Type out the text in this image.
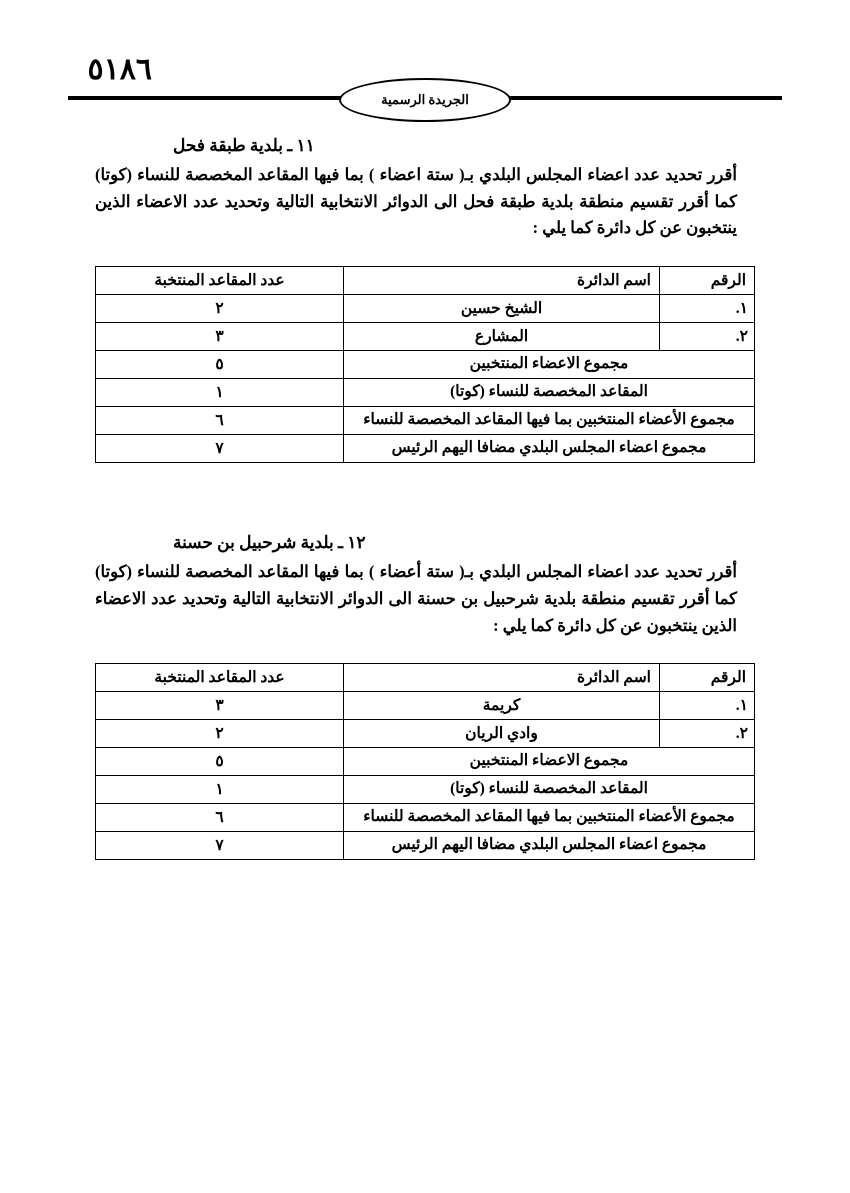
٥١٨٦
الجريدة الرسمية
١١ ـ بلدية طبقة فحل

أقرر تحديد عدد اعضاء المجلس البلدي بـ( ستة اعضاء ) بما فيها المقاعد المخصصة للنساء (كوتا) كما أقرر تقسيم منطقة بلدية طبقة فحل الى الدوائر الانتخابية التالية وتحديد عدد الاعضاء الذين ينتخبون عن كل دائرة كما يلي :

الرقم	اسم الدائرة	عدد المقاعد المنتخبة
١.	الشيخ حسين	٢
٢.	المشارع	٣
مجموع الاعضاء المنتخبين		٥
المقاعد المخصصة للنساء (كوتا)		١
مجموع الأعضاء المنتخبين بما فيها المقاعد المخصصة للنساء		٦
مجموع اعضاء المجلس البلدي مضافا اليهم الرئيس		٧
١٢ ـ بلدية شرحبيل بن حسنة

أقرر تحديد عدد اعضاء المجلس البلدي بـ( ستة أعضاء ) بما فيها المقاعد المخصصة للنساء (كوتا) كما أقرر تقسيم منطقة بلدية شرحبيل بن حسنة الى الدوائر الانتخابية التالية وتحديد عدد الاعضاء الذين ينتخبون عن كل دائرة كما يلي :

الرقم	اسم الدائرة	عدد المقاعد المنتخبة
١.	كريمة	٣
٢.	وادي الريان	٢
مجموع الاعضاء المنتخبين		٥
المقاعد المخصصة للنساء (كوتا)		١
مجموع الأعضاء المنتخبين بما فيها المقاعد المخصصة للنساء		٦
مجموع اعضاء المجلس البلدي مضافا اليهم الرئيس		٧
